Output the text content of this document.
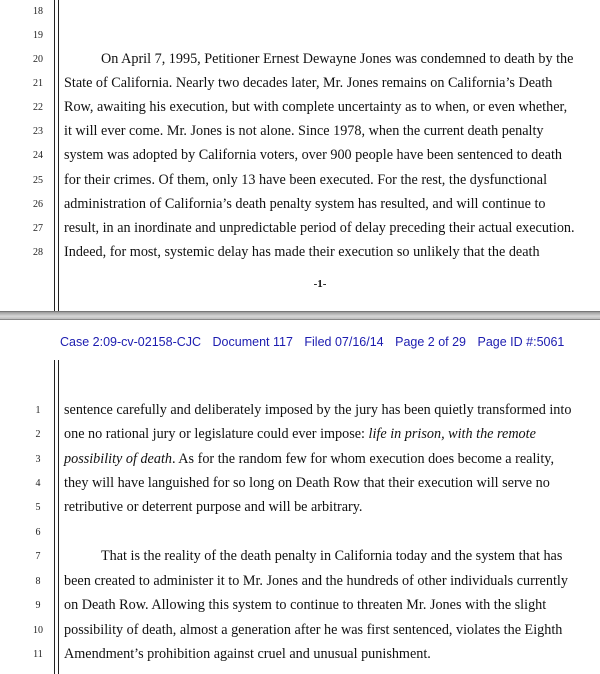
18
19
20
21
22
23
24
25
26
27
28
On April 7, 1995, Petitioner Ernest Dewayne Jones was condemned to death by the
State of California. Nearly two decades later, Mr. Jones remains on California’s Death
Row, awaiting his execution, but with complete uncertainty as to when, or even whether,
it will ever come. Mr. Jones is not alone. Since 1978, when the current death penalty
system was adopted by California voters, over 900 people have been sentenced to death
for their crimes. Of them, only 13 have been executed. For the rest, the dysfunctional
administration of California’s death penalty system has resulted, and will continue to
result, in an inordinate and unpredictable period of delay preceding their actual execution.
Indeed, for most, systemic delay has made their execution so unlikely that the death
-1-
Case 2:09-cv-02158-CJC Document 117 Filed 07/16/14 Page 2 of 29 Page ID #:5061
1
2
3
4
5
6
7
8
9
10
11
sentence carefully and deliberately imposed by the jury has been quietly transformed into
one no rational jury or legislature could ever impose: life in prison, with the remote
possibility of death. As for the random few for whom execution does become a reality,
they will have languished for so long on Death Row that their execution will serve no
retributive or deterrent purpose and will be arbitrary.
That is the reality of the death penalty in California today and the system that has
been created to administer it to Mr. Jones and the hundreds of other individuals currently
on Death Row. Allowing this system to continue to threaten Mr. Jones with the slight
possibility of death, almost a generation after he was first sentenced, violates the Eighth
Amendment’s prohibition against cruel and unusual punishment.
